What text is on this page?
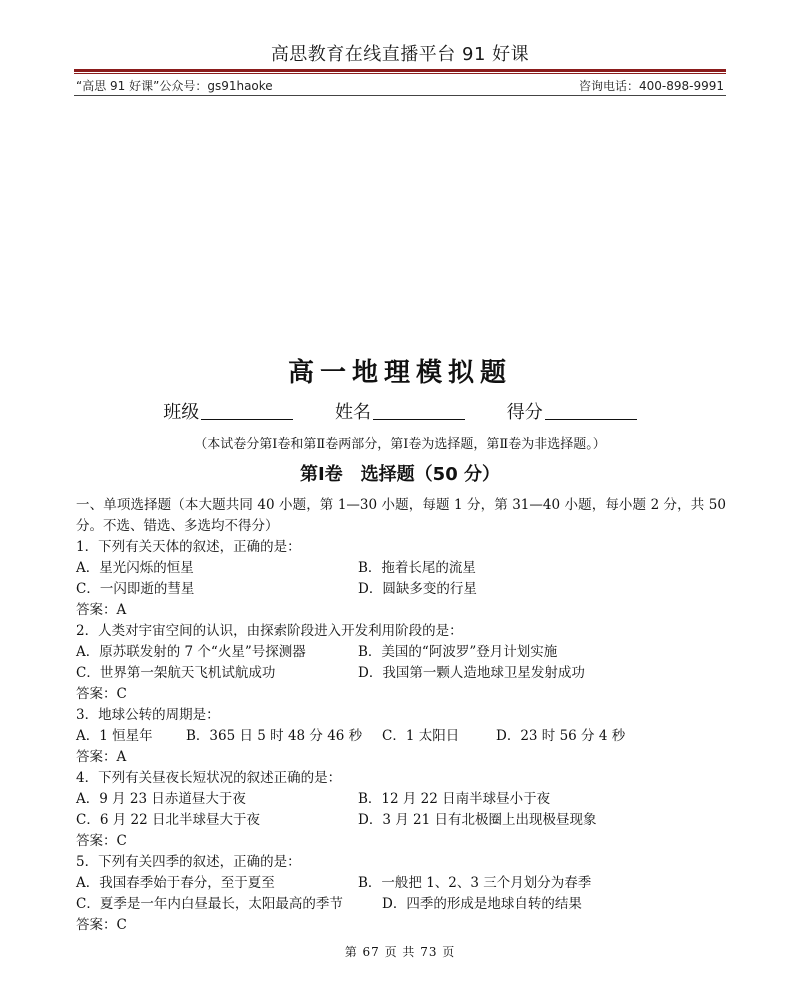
高思教育在线直播平台 91 好课
“高思 91 好课”公众号：gs91haoke	咨询电话：400-898-9991
高一地理模拟题
班级	姓名	得分
（本试卷分第Ⅰ卷和第Ⅱ卷两部分，第Ⅰ卷为选择题，第Ⅱ卷为非选择题。）
第Ⅰ卷　选择题（50 分）
一、单项选择题（本大题共同 40 小题，第 1—30 小题，每题 1 分，第 31—40 小题，每小题 2 分，共 50 分。不选、错选、多选均不得分）
1．下列有关天体的叙述，正确的是：
A．星光闪烁的恒星	B．拖着长尾的流星
C．一闪即逝的彗星	D．圆缺多变的行星
答案：A
2．人类对宇宙空间的认识，由探索阶段进入开发利用阶段的是：
A．原苏联发射的 7 个“火星”号探测器	B．美国的“阿波罗”登月计划实施
C．世界第一架航天飞机试航成功	D．我国第一颗人造地球卫星发射成功
答案：C
3．地球公转的周期是：
A．1 恒星年	B．365 日 5 时 48 分 46 秒	C．1 太阳日	D．23 时 56 分 4 秒
答案：A
4．下列有关昼夜长短状况的叙述正确的是：
A．9 月 23 日赤道昼大于夜	B．12 月 22 日南半球昼小于夜
C．6 月 22 日北半球昼大于夜	D．3 月 21 日有北极圈上出现极昼现象
答案：C
5．下列有关四季的叙述，正确的是：
A．我国春季始于春分，至于夏至	B．一般把 1、2、3 三个月划分为春季
C．夏季是一年内白昼最长，太阳最高的季节	D．四季的形成是地球自转的结果
答案：C
第 67 页 共 73 页
